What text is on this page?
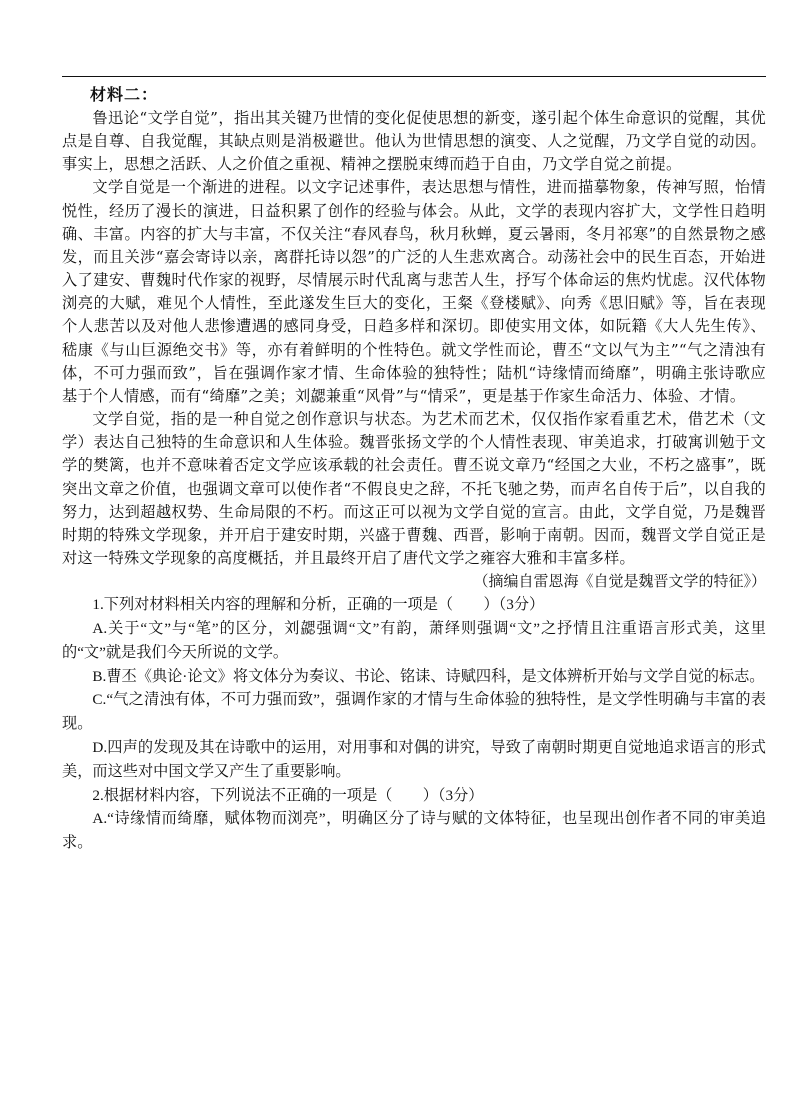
材料二：

鲁迅论“文学自觉”，指出其关键乃世情的变化促使思想的新变，遂引起个体生命意识的觉醒，其优点是自尊、自我觉醒，其缺点则是消极避世。他认为世情思想的演变、人之觉醒，乃文学自觉的动因。事实上，思想之活跃、人之价值之重视、精神之摆脱束缚而趋于自由，乃文学自觉之前提。

文学自觉是一个渐进的进程。以文字记述事件，表达思想与情性，进而描摹物象，传神写照，怡情悦性，经历了漫长的演进，日益积累了创作的经验与体会。从此，文学的表现内容扩大，文学性日趋明确、丰富。内容的扩大与丰富，不仅关注“春风春鸟，秋月秋蝉，夏云暑雨，冬月祁寒”的自然景物之感发，而且关涉“嘉会寄诗以亲，离群托诗以怨”的广泛的人生悲欢离合。动荡社会中的民生百态，开始进入了建安、曹魏时代作家的视野，尽情展示时代乱离与悲苦人生，抒写个体命运的焦灼忧虑。汉代体物浏亮的大赋，难见个人情性，至此遂发生巨大的变化，王粲《登楼赋》、向秀《思旧赋》等，旨在表现个人悲苦以及对他人悲惨遭遇的感同身受，日趋多样和深切。即使实用文体，如阮籍《大人先生传》、嵇康《与山巨源绝交书》等，亦有着鲜明的个性特色。就文学性而论，曹丕“文以气为主”“气之清浊有体，不可力强而致”，旨在强调作家才情、生命体验的独特性；陆机“诗缘情而绮靡”，明确主张诗歌应基于个人情感，而有“绮靡”之美；刘勰兼重“风骨”与“情采”，更是基于作家生命活力、体验、才情。

文学自觉，指的是一种自觉之创作意识与状态。为艺术而艺术，仅仅指作家看重艺术，借艺术（文学）表达自己独特的生命意识和人生体验。魏晋张扬文学的个人情性表现、审美追求，打破寓训勉于文学的樊篱，也并不意味着否定文学应该承载的社会责任。曹丕说文章乃“经国之大业，不朽之盛事”，既突出文章之价值，也强调文章可以使作者“不假良史之辞，不托飞驰之势，而声名自传于后”，以自我的努力，达到超越权势、生命局限的不朽。而这正可以视为文学自觉的宣言。由此，文学自觉，乃是魏晋时期的特殊文学现象，并开启于建安时期，兴盛于曹魏、西晋，影响于南朝。因而，魏晋文学自觉正是对这一特殊文学现象的高度概括，并且最终开启了唐代文学之雍容大雅和丰富多样。

（摘编自雷恩海《自觉是魏晋文学的特征》）

1.下列对材料相关内容的理解和分析，正确的一项是（　　）（3分）

A.关于“文”与“笔”的区分，刘勰强调“文”有韵，萧绎则强调“文”之抒情且注重语言形式美，这里的“文”就是我们今天所说的文学。

B.曹丕《典论·论文》将文体分为奏议、书论、铭诔、诗赋四科，是文体辨析开始与文学自觉的标志。

C.“气之清浊有体，不可力强而致”，强调作家的才情与生命体验的独特性，是文学性明确与丰富的表现。

D.四声的发现及其在诗歌中的运用，对用事和对偶的讲究，导致了南朝时期更自觉地追求语言的形式美，而这些对中国文学又产生了重要影响。

2.根据材料内容，下列说法不正确的一项是（　　）（3分）

A.“诗缘情而绮靡，赋体物而浏亮”，明确区分了诗与赋的文体特征，也呈现出创作者不同的审美追求。
